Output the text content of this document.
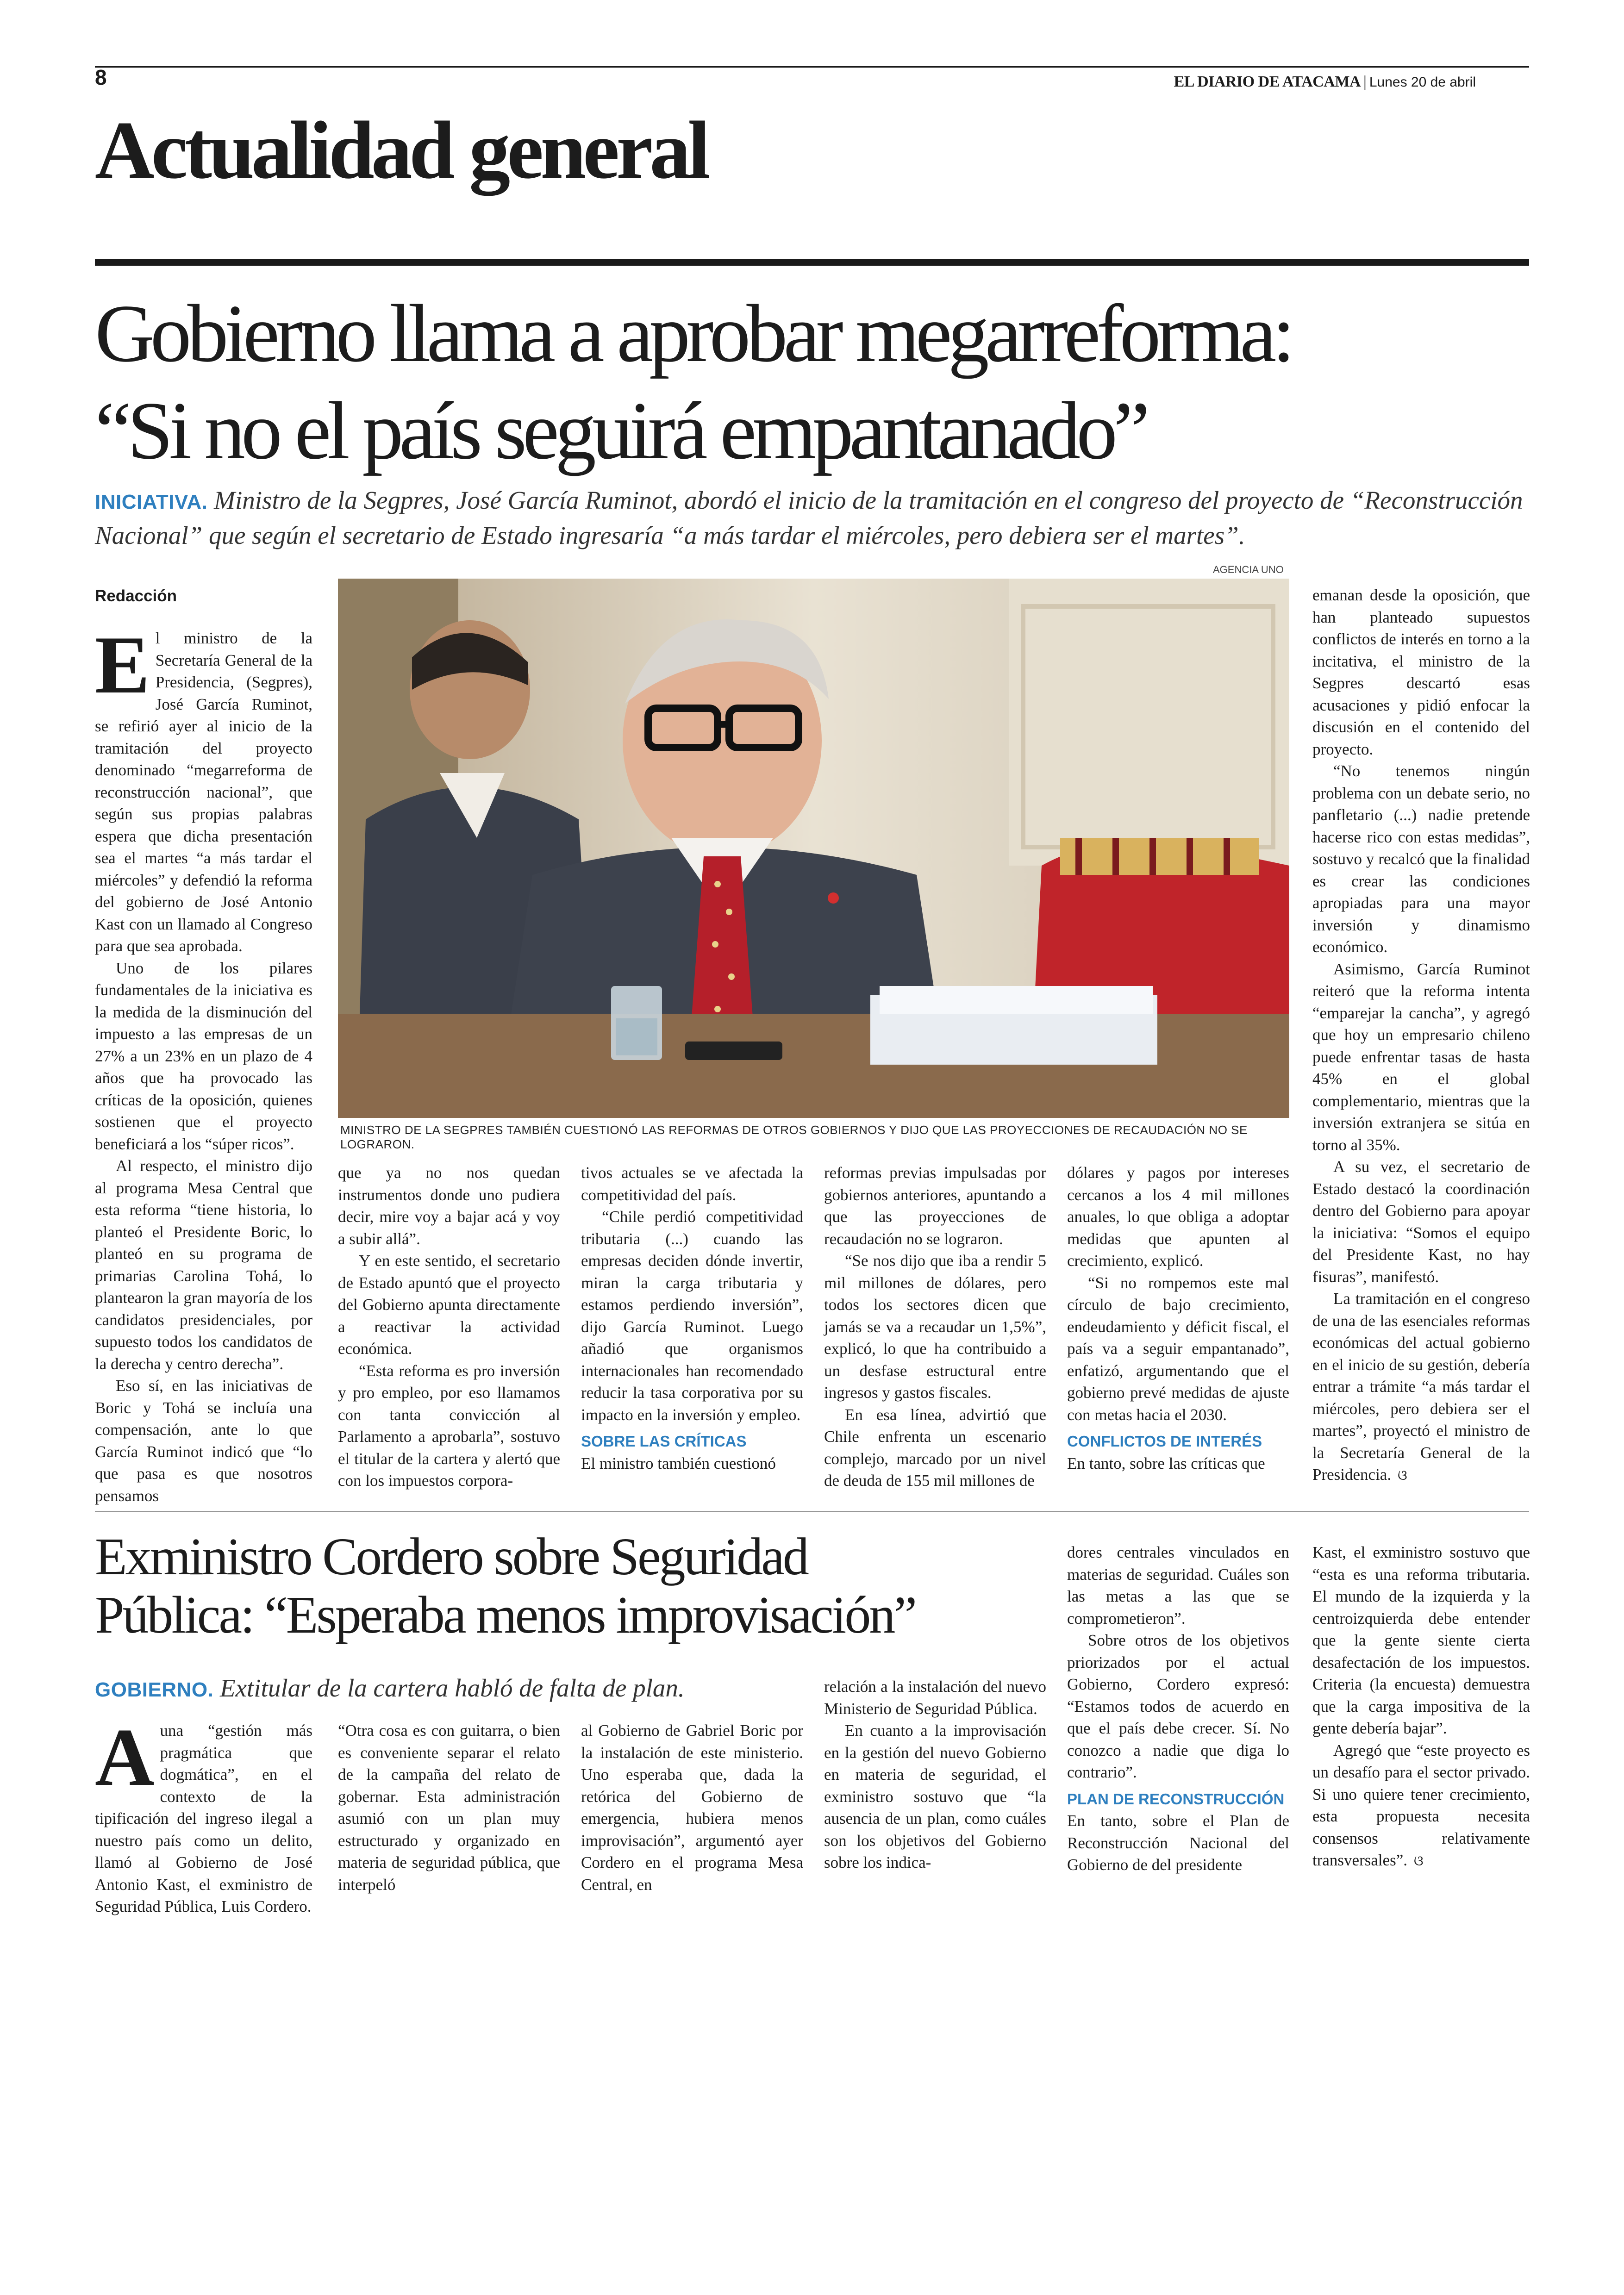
8	EL DIARIO DE ATACAMA | Lunes 20 de abril
Actualidad general
Gobierno llama a aprobar megarreforma:
“Si no el país seguirá empantanado”
INICIATIVA. Ministro de la Segpres, José García Ruminot, abordó el inicio de la tramitación en el congreso del proyecto de “Reconstrucción Nacional” que según el secretario de Estado ingresaría “a más tardar el miércoles, pero debiera ser el martes”.
AGENCIA UNO
Redacción
MINISTRO DE LA SEGPRES TAMBIÉN CUESTIONÓ LAS REFORMAS DE OTROS GOBIERNOS Y DIJO QUE LAS PROYECCIONES DE RECAUDACIÓN NO SE LOGRARON.

El ministro de la Secretaría General de la Presidencia, (Segpres), José García Ruminot, se refirió ayer al inicio de la tramitación del proyecto denominado “megarreforma de reconstrucción nacional”, que según sus propias palabras espera que dicha presentación sea el martes “a más tardar el miércoles” y defendió la reforma del gobierno de José Antonio Kast con un llamado al Congreso para que sea aprobada.

Uno de los pilares fundamentales de la iniciativa es la medida de la disminución del impuesto a las empresas de un 27% a un 23% en un plazo de 4 años que ha provocado las críticas de la oposición, quienes sostienen que el proyecto beneficiará a los “súper ricos”.

Al respecto, el ministro dijo al programa Mesa Central que esta reforma “tiene historia, lo planteó el Presidente Boric, lo planteó en su programa de primarias Carolina Tohá, lo plantearon la gran mayoría de los candidatos presidenciales, por supuesto todos los candidatos de la derecha y centro derecha”.

Eso sí, en las iniciativas de Boric y Tohá se incluía una compensación, ante lo que García Ruminot indicó que “lo que pasa es que nosotros pensamos

que ya no nos quedan instrumentos donde uno pudiera decir, mire voy a bajar acá y voy a subir allá”.

Y en este sentido, el secretario de Estado apuntó que el proyecto del Gobierno apunta directamente a reactivar la actividad económica.

“Esta reforma es pro inversión y pro empleo, por eso llamamos con tanta convicción al Parlamento a aprobarla”, sostuvo el titular de la cartera y alertó que con los impuestos corpora-

tivos actuales se ve afectada la competitividad del país.

“Chile perdió competitividad tributaria (...) cuando las empresas deciden dónde invertir, miran la carga tributaria y estamos perdiendo inversión”, dijo García Ruminot. Luego añadió que organismos internacionales han recomendado reducir la tasa corporativa por su impacto en la inversión y empleo.

SOBRE LAS CRÍTICAS

El ministro también cuestionó

reformas previas impulsadas por gobiernos anteriores, apuntando a que las proyecciones de recaudación no se lograron.

“Se nos dijo que iba a rendir 5 mil millones de dólares, pero todos los sectores dicen que jamás se va a recaudar un 1,5%”, explicó, lo que ha contribuido a un desfase estructural entre ingresos y gastos fiscales.

En esa línea, advirtió que Chile enfrenta un escenario complejo, marcado por un nivel de deuda de 155 mil millones de

dólares y pagos por intereses cercanos a los 4 mil millones anuales, lo que obliga a adoptar medidas que apunten al crecimiento, explicó.

“Si no rompemos este mal círculo de bajo crecimiento, endeudamiento y déficit fiscal, el país va a seguir empantanado”, enfatizó, argumentando que el gobierno prevé medidas de ajuste con metas hacia el 2030.

CONFLICTOS DE INTERÉS

En tanto, sobre las críticas que

emanan desde la oposición, que han planteado supuestos conflictos de interés en torno a la incitativa, el ministro de la Segpres descartó esas acusaciones y pidió enfocar la discusión en el contenido del proyecto.

“No tenemos ningún problema con un debate serio, no panfletario (...) nadie pretende hacerse rico con estas medidas”, sostuvo y recalcó que la finalidad es crear las condiciones apropiadas para una mayor inversión y dinamismo económico.

Asimismo, García Ruminot reiteró que la reforma intenta “emparejar la cancha”, y agregó que hoy un empresario chileno puede enfrentar tasas de hasta 45% en el global complementario, mientras que la inversión extranjera se sitúa en torno al 35%.

A su vez, el secretario de Estado destacó la coordinación dentro del Gobierno para apoyar la iniciativa: “Somos el equipo del Presidente Kast, no hay fisuras”, manifestó.

La tramitación en el congreso de una de las esenciales reformas económicas del actual gobierno en el inicio de su gestión, debería entrar a trámite “a más tardar el miércoles, pero debiera ser el martes”, proyectó el ministro de la Secretaría General de la Presidencia. ଓ

Exministro Cordero sobre Seguridad
Pública: “Esperaba menos improvisación”
GOBIERNO. Extitular de la cartera habló de falta de plan.

A una “gestión más pragmática que dogmática”, en el contexto de la tipificación del ingreso ilegal a nuestro país como un delito, llamó al Gobierno de José Antonio Kast, el exministro de Seguridad Pública, Luis Cordero.

“Otra cosa es con guitarra, o bien es conveniente separar el relato de la campaña del relato de gobernar. Esta administración asumió con un plan muy estructurado y organizado en materia de seguridad pública, que interpeló

al Gobierno de Gabriel Boric por la instalación de este ministerio. Uno esperaba que, dada la retórica del Gobierno de emergencia, hubiera menos improvisación”, argumentó ayer Cordero en el programa Mesa Central, en

relación a la instalación del nuevo Ministerio de Seguridad Pública.

En cuanto a la improvisación en la gestión del nuevo Gobierno en materia de seguridad, el exministro sostuvo que “la ausencia de un plan, como cuáles son los objetivos del Gobierno sobre los indica-

dores centrales vinculados en materias de seguridad. Cuáles son las metas a las que se comprometieron”.

Sobre otros de los objetivos priorizados por el actual Gobierno, Cordero expresó: “Estamos todos de acuerdo en que el país debe crecer. Sí. No conozco a nadie que diga lo contrario”.

PLAN DE RECONSTRUCCIÓN

En tanto, sobre el Plan de Reconstrucción Nacional del Gobierno de del presidente

Kast, el exministro sostuvo que “esta es una reforma tributaria. El mundo de la izquierda y la centroizquierda debe entender que la gente siente cierta desafectación de los impuestos. Criteria (la encuesta) demuestra que la carga impositiva de la gente debería bajar”.

Agregó que “este proyecto es un desafío para el sector privado. Si uno quiere tener crecimiento, esta propuesta necesita consensos relativamente transversales”. ଓ
